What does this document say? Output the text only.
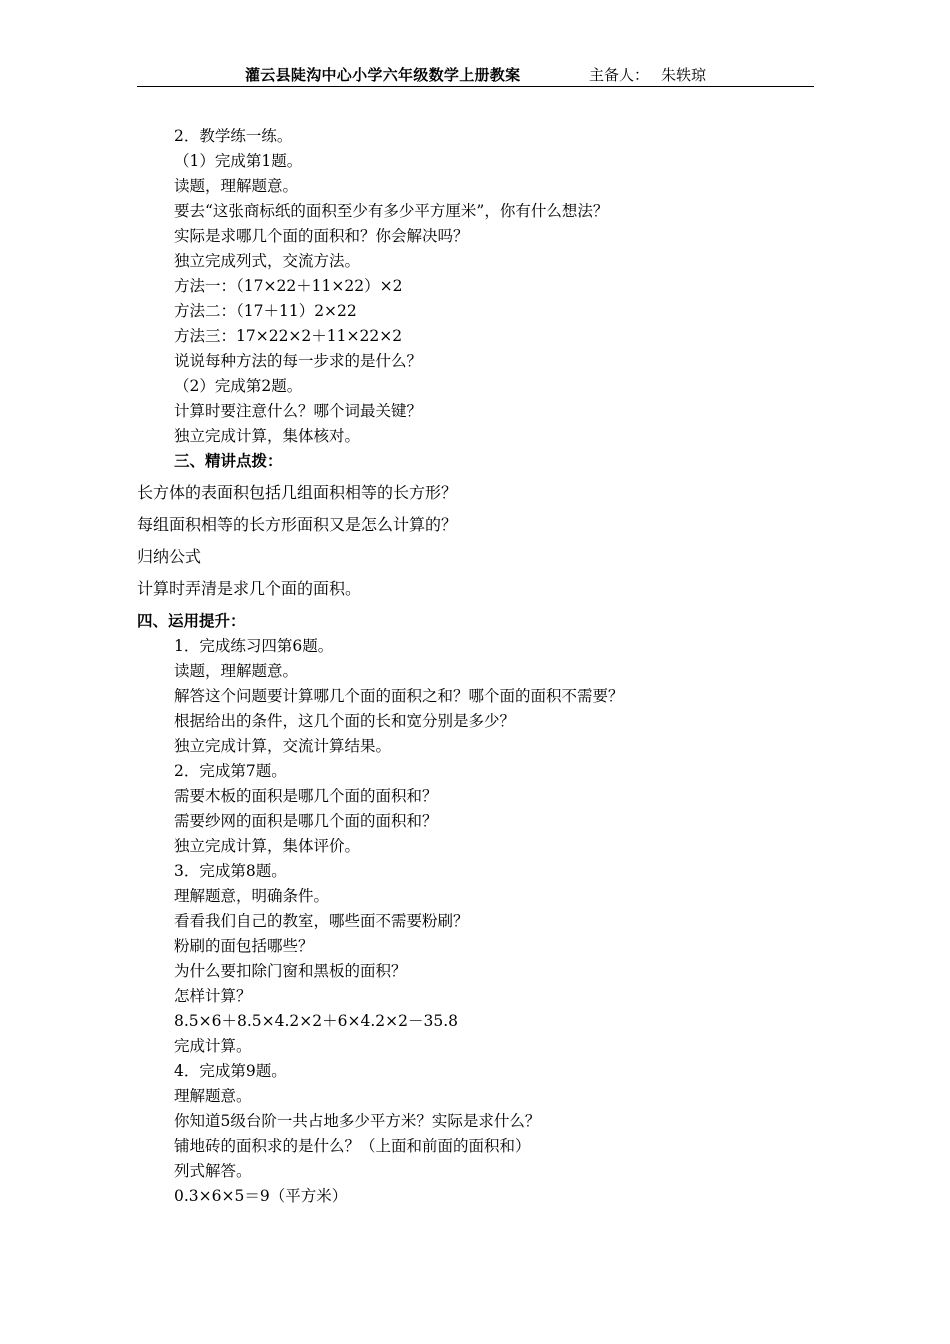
灌云县陡沟中心小学六年级数学上册教案	主备人： 朱轶琼
2．教学练一练。
（1）完成第1题。
读题，理解题意。
要去“这张商标纸的面积至少有多少平方厘米”，你有什么想法？
实际是求哪几个面的面积和？你会解决吗？
独立完成列式，交流方法。
方法一：（17×22＋11×22）×2
方法二：（17＋11）2×22
方法三：17×22×2＋11×22×2
说说每种方法的每一步求的是什么？
（2）完成第2题。
计算时要注意什么？哪个词最关键？
独立完成计算，集体核对。
三、精讲点拨：
长方体的表面积包括几组面积相等的长方形？
每组面积相等的长方形面积又是怎么计算的？
归纳公式
计算时弄清是求几个面的面积。
四、运用提升：
1．完成练习四第6题。
读题，理解题意。
解答这个问题要计算哪几个面的面积之和？哪个面的面积不需要？
根据给出的条件，这几个面的长和宽分别是多少？
独立完成计算，交流计算结果。
2．完成第7题。
需要木板的面积是哪几个面的面积和？
需要纱网的面积是哪几个面的面积和？
独立完成计算，集体评价。
3．完成第8题。
理解题意，明确条件。
看看我们自己的教室，哪些面不需要粉刷？
粉刷的面包括哪些？
为什么要扣除门窗和黑板的面积？
怎样计算？
8.5×6＋8.5×4.2×2＋6×4.2×2－35.8
完成计算。
4．完成第9题。
理解题意。
你知道5级台阶一共占地多少平方米？实际是求什么？
铺地砖的面积求的是什么？（上面和前面的面积和）
列式解答。
0.3×6×5＝9（平方米）
